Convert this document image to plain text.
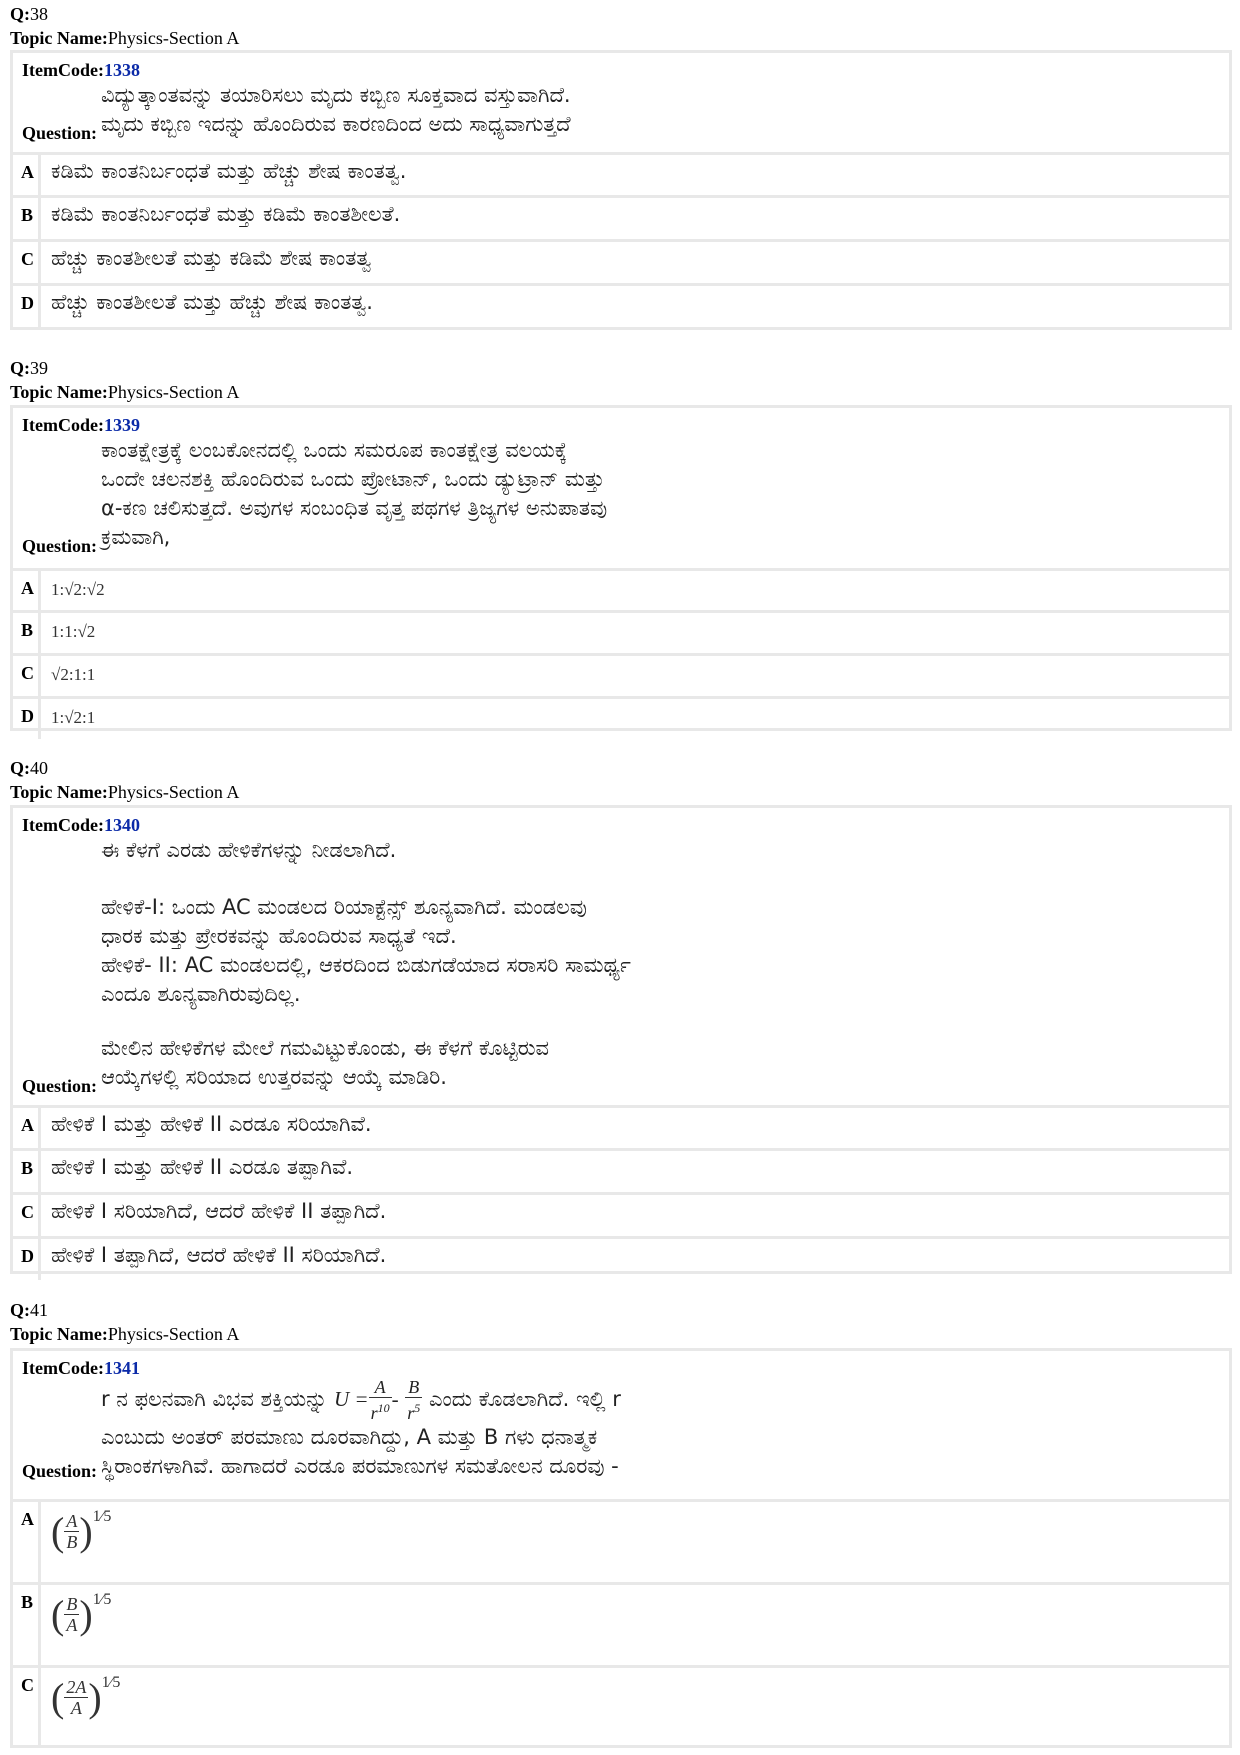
Q:38
Topic Name:Physics-Section A
ItemCode:1338
ವಿದ್ಯುತ್ಕಾಂತವನ್ನು ತಯಾರಿಸಲು ಮೃದು ಕಬ್ಬಿಣ ಸೂಕ್ತವಾದ ವಸ್ತುವಾಗಿದೆ.
ಮೃದು ಕಬ್ಬಿಣ ಇದನ್ನು ಹೊಂದಿರುವ ಕಾರಣದಿಂದ ಅದು ಸಾಧ್ಯವಾಗುತ್ತದೆ
Question:
A ಕಡಿಮೆ ಕಾಂತನಿರ್ಬಂಧತೆ ಮತ್ತು ಹೆಚ್ಚು ಶೇಷ ಕಾಂತತ್ವ.
B ಕಡಿಮೆ ಕಾಂತನಿರ್ಬಂಧತೆ ಮತ್ತು ಕಡಿಮೆ ಕಾಂತಶೀಲತೆ.
C ಹೆಚ್ಚು ಕಾಂತಶೀಲತೆ ಮತ್ತು ಕಡಿಮೆ ಶೇಷ ಕಾಂತತ್ವ
D ಹೆಚ್ಚು ಕಾಂತಶೀಲತೆ ಮತ್ತು ಹೆಚ್ಚು ಶೇಷ ಕಾಂತತ್ವ.
Q:39
Topic Name:Physics-Section A
ItemCode:1339
ಕಾಂತಕ್ಷೇತ್ರಕ್ಕೆ ಲಂಬಕೋನದಲ್ಲಿ ಒಂದು ಸಮರೂಪ ಕಾಂತಕ್ಷೇತ್ರ ವಲಯಕ್ಕೆ
ಒಂದೇ ಚಲನಶಕ್ತಿ ಹೊಂದಿರುವ ಒಂದು ಪ್ರೋಟಾನ್, ಒಂದು ಡ್ಯುಟ್ರಾನ್ ಮತ್ತು
α-ಕಣ ಚಲಿಸುತ್ತದೆ. ಅವುಗಳ ಸಂಬಂಧಿತ ವೃತ್ತ ಪಥಗಳ ತ್ರಿಜ್ಯಗಳ ಅನುಪಾತವು
ಕ್ರಮವಾಗಿ,
Question:
A	1:√2:√2
B	1:1:√2
C	√2:1:1
D	1:√2:1
Q:40
Topic Name:Physics-Section A
ItemCode:1340
ಈ ಕೆಳಗೆ ಎರಡು ಹೇಳಿಕೆಗಳನ್ನು ನೀಡಲಾಗಿದೆ.
ಹೇಳಿಕೆ-I: ಒಂದು AC ಮಂಡಲದ ರಿಯಾಕ್ಟೆನ್ಸ್ ಶೂನ್ಯವಾಗಿದೆ. ಮಂಡಲವು
ಧಾರಕ ಮತ್ತು ಪ್ರೇರಕವನ್ನು ಹೊಂದಿರುವ ಸಾಧ್ಯತೆ ಇದೆ.
ಹೇಳಿಕೆ- II: AC ಮಂಡಲದಲ್ಲಿ, ಆಕರದಿಂದ ಬಿಡುಗಡೆಯಾದ ಸರಾಸರಿ ಸಾಮರ್ಥ್ಯ
ಎಂದೂ ಶೂನ್ಯವಾಗಿರುವುದಿಲ್ಲ.
ಮೇಲಿನ ಹೇಳಿಕೆಗಳ ಮೇಲೆ ಗಮವಿಟ್ಟುಕೊಂಡು, ಈ ಕೆಳಗೆ ಕೊಟ್ಟಿರುವ
ಆಯ್ಕೆಗಳಲ್ಲಿ ಸರಿಯಾದ ಉತ್ತರವನ್ನು ಆಯ್ಕೆ ಮಾಡಿರಿ.
Question:
A ಹೇಳಿಕೆ I ಮತ್ತು ಹೇಳಿಕೆ II ಎರಡೂ ಸರಿಯಾಗಿವೆ.
B ಹೇಳಿಕೆ I ಮತ್ತು ಹೇಳಿಕೆ II ಎರಡೂ ತಪ್ಪಾಗಿವೆ.
C ಹೇಳಿಕೆ I ಸರಿಯಾಗಿದೆ, ಆದರೆ ಹೇಳಿಕೆ II ತಪ್ಪಾಗಿದೆ.
D ಹೇಳಿಕೆ I ತಪ್ಪಾಗಿದೆ, ಆದರೆ ಹೇಳಿಕೆ II ಸರಿಯಾಗಿದೆ.
Q:41
Topic Name:Physics-Section A
ItemCode:1341
r ನ ಫಲನವಾಗಿ ವಿಭವ ಶಕ್ತಿಯನ್ನು $U = \frac{A}{r^{10}} - \frac{B}{r^5}$ ಎಂದು ಕೊಡಲಾಗಿದೆ. ಇಲ್ಲಿ r
ಎಂಬುದು ಅಂತರ್ ಪರಮಾಣು ದೂರವಾಗಿದ್ದು, A ಮತ್ತು B ಗಳು ಧನಾತ್ಮಕ
ಸ್ಥಿರಾಂಕಗಳಾಗಿವೆ. ಹಾಗಾದರೆ ಎರಡೂ ಪರಮಾಣುಗಳ ಸಮತೋಲನ ದೂರವು -
Question:
A ( $\frac{A}{B}$ )1⁄5
B ( $\frac{B}{A}$ )1⁄5
C ( $\frac{2A}{A}$ )1⁄5
